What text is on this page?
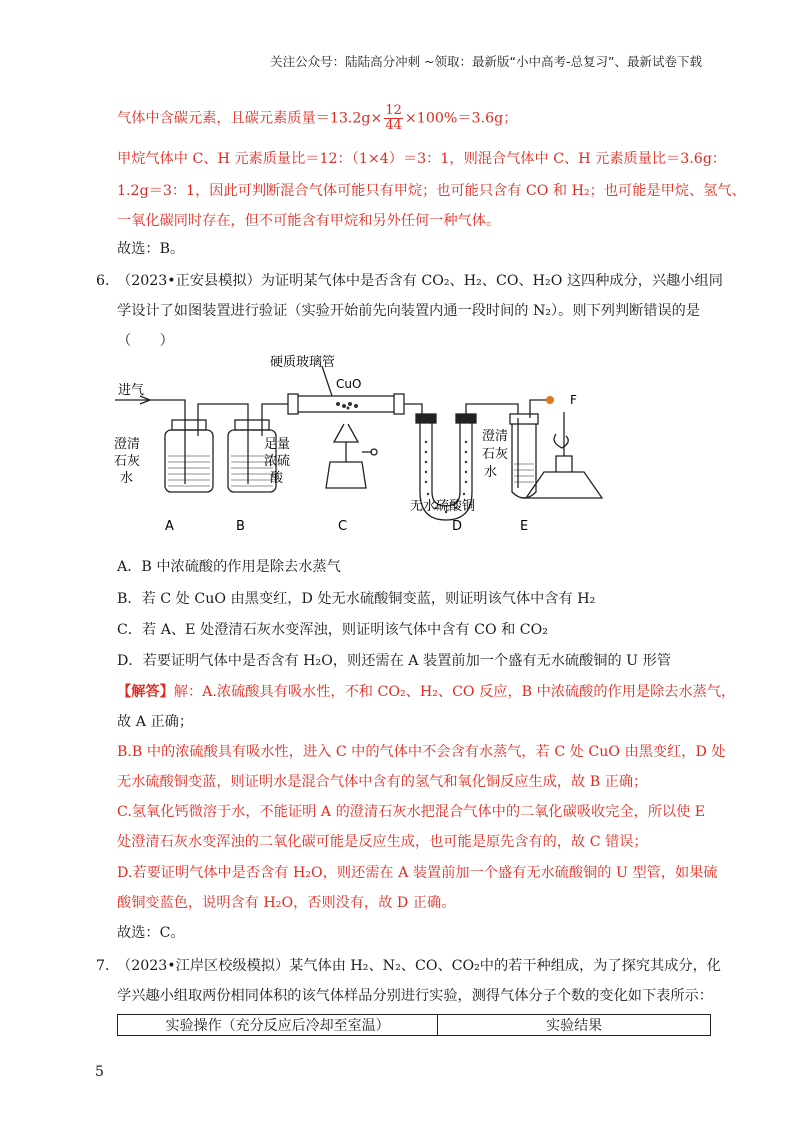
关注公众号：陆陆高分冲刺 ~领取：最新版“小中高考-总复习”、最新试卷下载
气体中含碳元素，且碳元素质量$=13.2g\times \frac{12}{44} \times 100\%=3.6g$；
甲烷气体中 C、H 元素质量比＝12：（1×4）＝3：1，则混合气体中 C、H 元素质量比＝3.6g：
1.2g＝3：1，因此可判断混合气体可能只有甲烷；也可能只含有 CO 和 H₂；也可能是甲烷、氢气、
一氧化碳同时存在，但不可能含有甲烷和另外任何一种气体。
故选：B。
6．
（2023•正安县模拟）为证明某气体中是否含有 CO₂、H₂、CO、H₂O 这四种成分，兴趣小组同
学设计了如图装置进行验证（实验开始前先向装置内通一段时间的 N₂）。则下列判断错误的是
（　　）
进气
硬质玻璃管
CuO
澄清
石灰
水
足量
浓硫
酸
无水硫酸铜
澄清
石灰
水
F
A	B	C	D	E
A．B 中浓硫酸的作用是除去水蒸气
B．若 C 处 CuO 由黑变红，D 处无水硫酸铜变蓝，则证明该气体中含有 H₂
C．若 A、E 处澄清石灰水变浑浊，则证明该气体中含有 CO 和 CO₂
D．若要证明气体中是否含有 H₂O，则还需在 A 装置前加一个盛有无水硫酸铜的 U 形管
【解答】解：A.浓硫酸具有吸水性，不和 CO₂、H₂、CO 反应，B 中浓硫酸的作用是除去水蒸气，
故 A 正确；
B.B 中的浓硫酸具有吸水性，进入 C 中的气体中不会含有水蒸气，若 C 处 CuO 由黑变红，D 处
无水硫酸铜变蓝，则证明水是混合气体中含有的氢气和氧化铜反应生成，故 B 正确；
C.氢氧化钙微溶于水，不能证明 A 的澄清石灰水把混合气体中的二氧化碳吸收完全，所以使 E
处澄清石灰水变浑浊的二氧化碳可能是反应生成，也可能是原先含有的，故 C 错误；
D.若要证明气体中是否含有 H₂O，则还需在 A 装置前加一个盛有无水硫酸铜的 U 型管，如果硫
酸铜变蓝色，说明含有 H₂O，否则没有，故 D 正确。
故选：C。
7．
（2023•江岸区校级模拟）某气体由 H₂、N₂、CO、CO₂中的若干种组成，为了探究其成分，化
学兴趣小组取两份相同体积的该气体样品分别进行实验，测得气体分子个数的变化如下表所示：
实验操作（充分反应后冷却至室温）	实验结果
5
